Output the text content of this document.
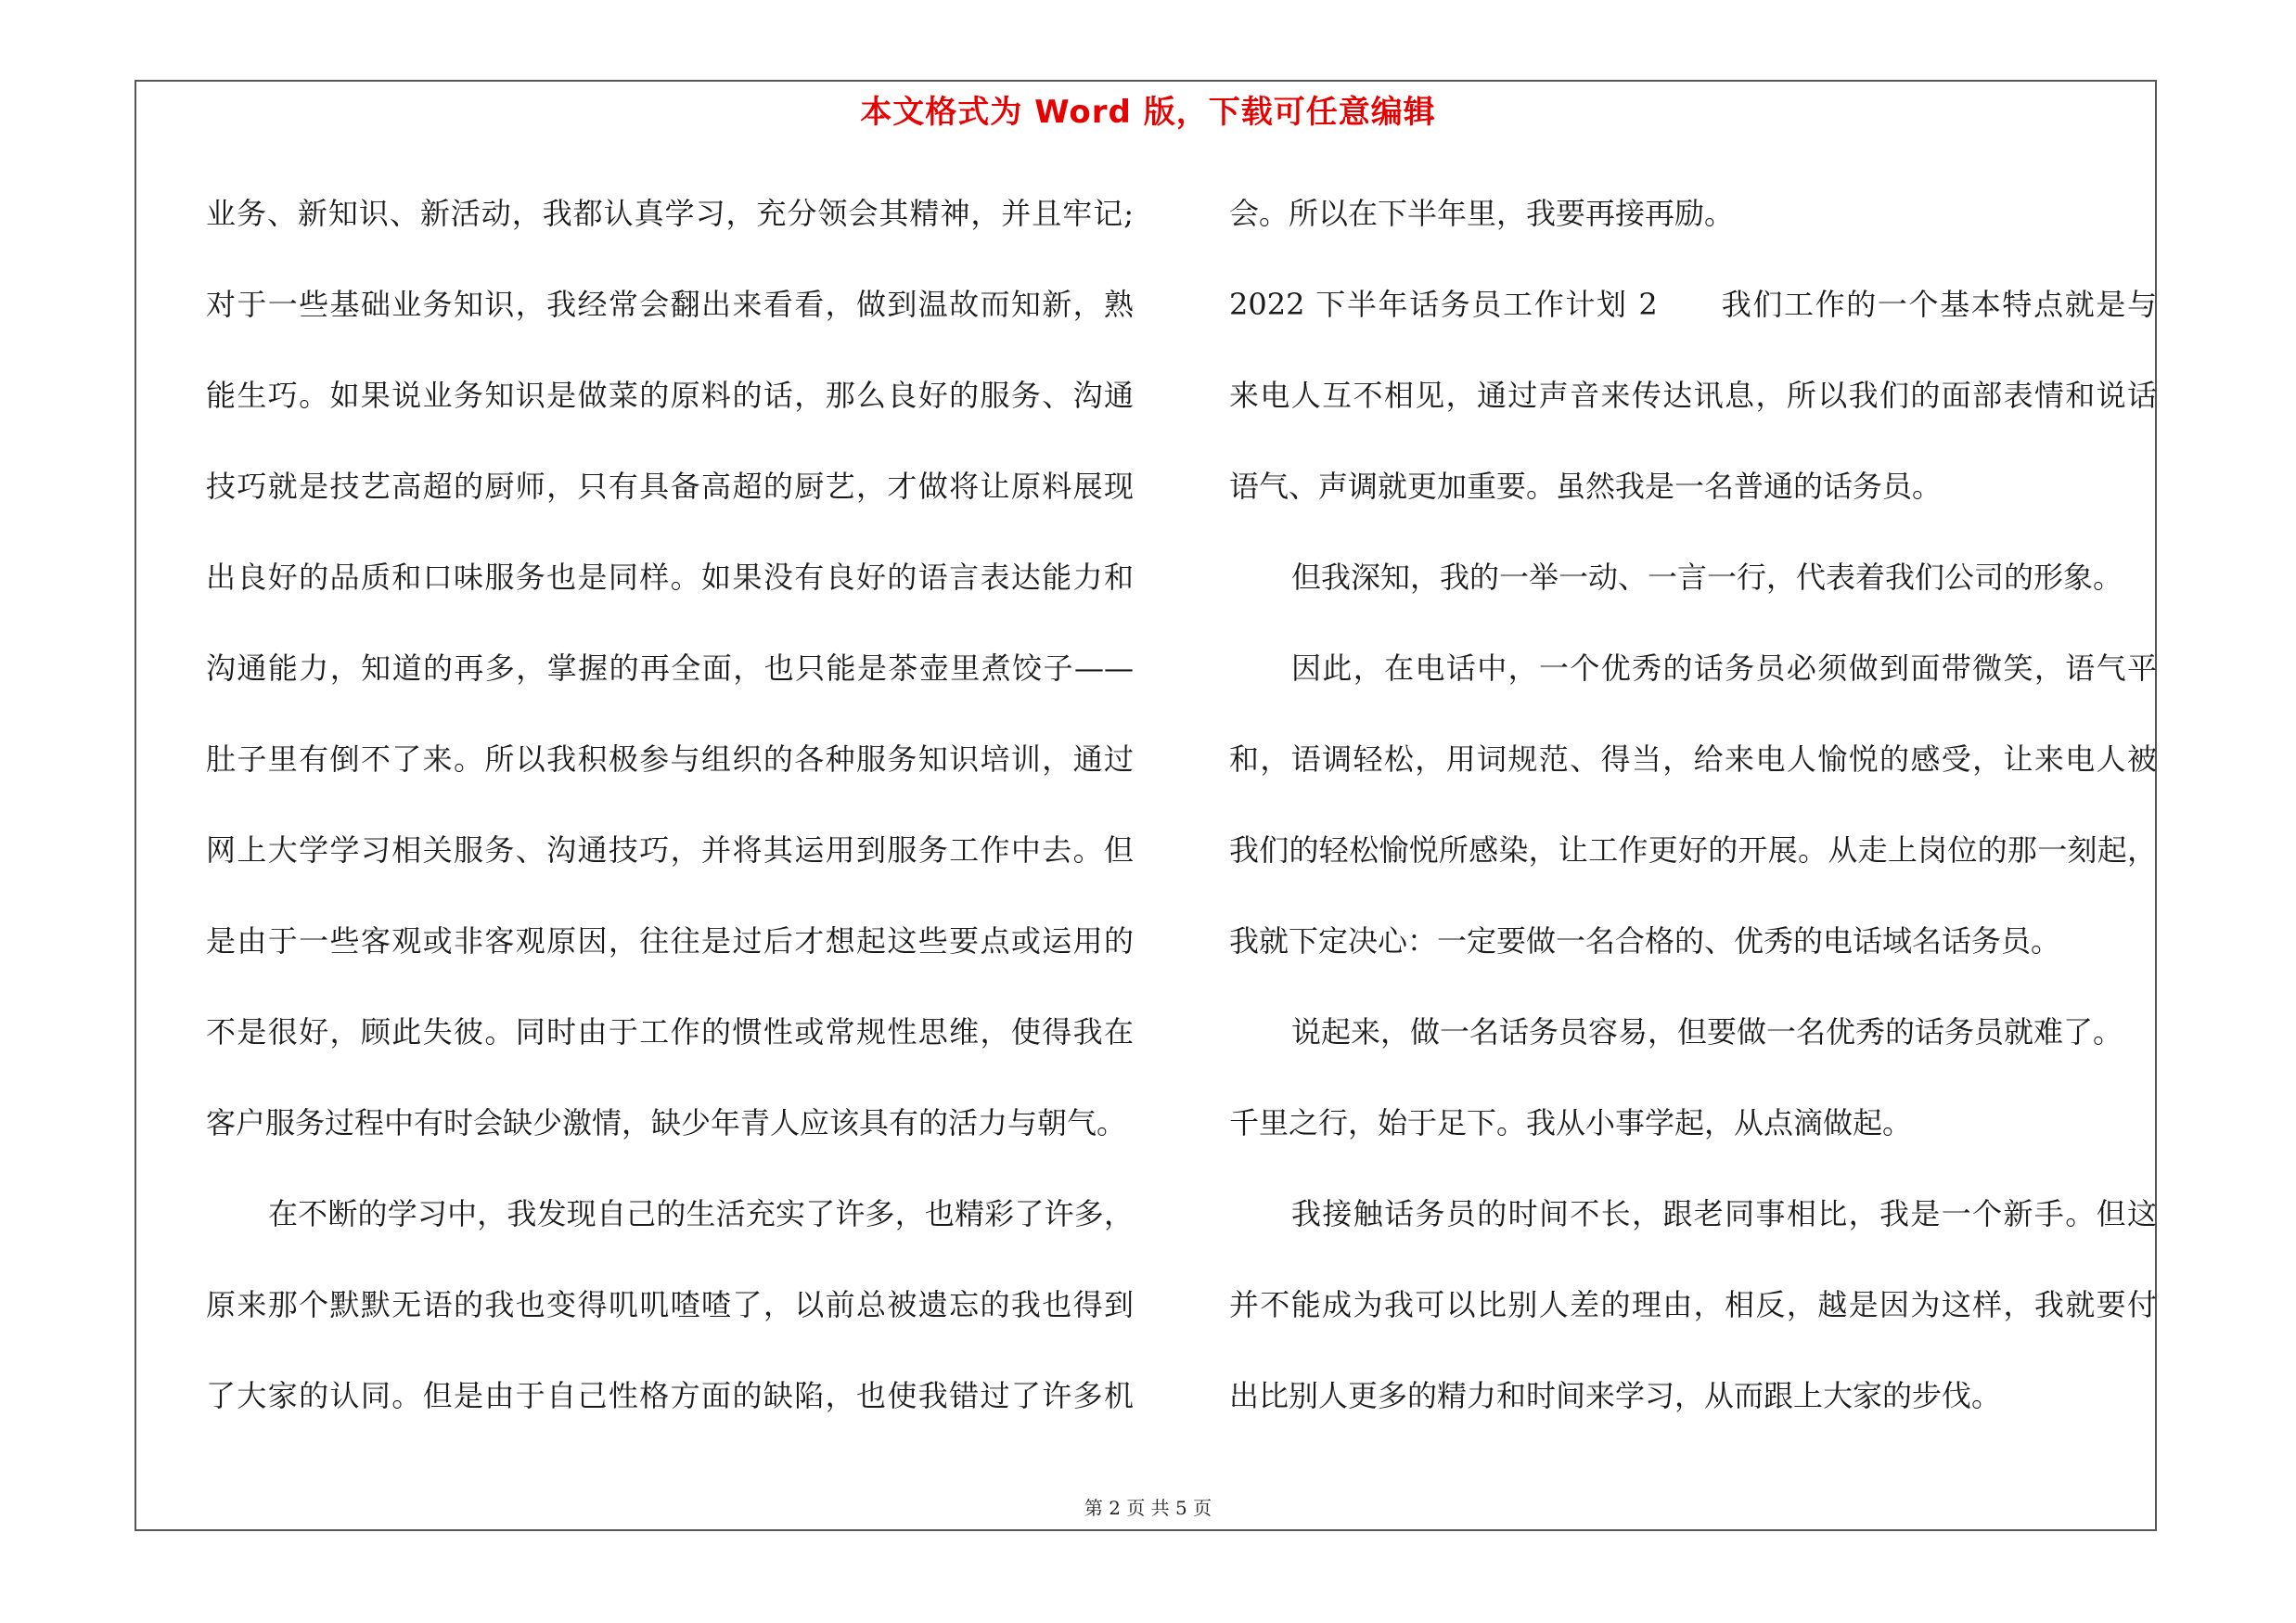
本文格式为 Word 版，下载可任意编辑
业务、新知识、新活动，我都认真学习，充分领会其精神，并且牢记;
对于一些基础业务知识，我经常会翻出来看看，做到温故而知新，熟
能生巧。如果说业务知识是做菜的原料的话，那么良好的服务、沟通
技巧就是技艺高超的厨师，只有具备高超的厨艺，才做将让原料展现
出良好的品质和口味服务也是同样。如果没有良好的语言表达能力和
沟通能力，知道的再多，掌握的再全面，也只能是茶壶里煮饺子——
肚子里有倒不了来。所以我积极参与组织的各种服务知识培训，通过
网上大学学习相关服务、沟通技巧，并将其运用到服务工作中去。但
是由于一些客观或非客观原因，往往是过后才想起这些要点或运用的
不是很好，顾此失彼。同时由于工作的惯性或常规性思维，使得我在
客户服务过程中有时会缺少激情，缺少年青人应该具有的活力与朝气。
在不断的学习中，我发现自己的生活充实了许多，也精彩了许多，
原来那个默默无语的我也变得叽叽喳喳了，以前总被遗忘的我也得到
了大家的认同。但是由于自己性格方面的缺陷，也使我错过了许多机
会。所以在下半年里，我要再接再励。
2022 下半年话务员工作计划 2　　我们工作的一个基本特点就是与
来电人互不相见，通过声音来传达讯息，所以我们的面部表情和说话
语气、声调就更加重要。虽然我是一名普通的话务员。
但我深知，我的一举一动、一言一行，代表着我们公司的形象。
因此，在电话中，一个优秀的话务员必须做到面带微笑，语气平
和，语调轻松，用词规范、得当，给来电人愉悦的感受，让来电人被
我们的轻松愉悦所感染，让工作更好的开展。从走上岗位的那一刻起，
我就下定决心：一定要做一名合格的、优秀的电话域名话务员。
说起来，做一名话务员容易，但要做一名优秀的话务员就难了。
千里之行，始于足下。我从小事学起，从点滴做起。
我接触话务员的时间不长，跟老同事相比，我是一个新手。但这
并不能成为我可以比别人差的理由，相反，越是因为这样，我就要付
出比别人更多的精力和时间来学习，从而跟上大家的步伐。
第 2 页 共 5 页
